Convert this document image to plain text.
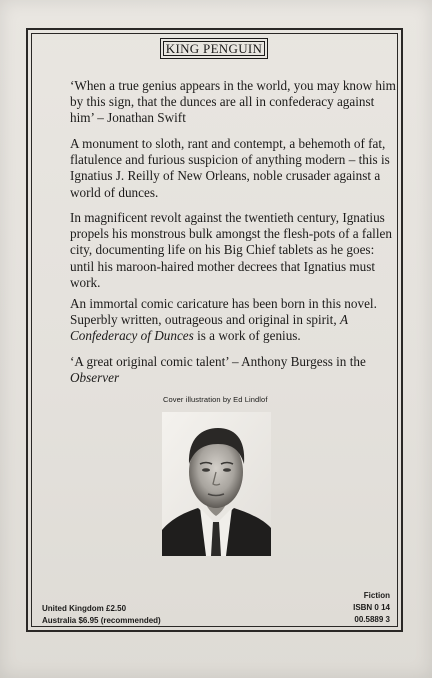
KING PENGUIN

‘When a true genius appears in the world, you may know him by this sign, that the dunces are all in confederacy against him’ – Jonathan Swift

A monument to sloth, rant and contempt, a behemoth of fat, flatulence and furious suspicion of anything modern – this is Ignatius J. Reilly of New Orleans, noble crusader against a world of dunces.

In magnificent revolt against the twentieth century, Ignatius propels his monstrous bulk amongst the flesh-pots of a fallen city, documenting life on his Big Chief tablets as he goes: until his maroon-haired mother decrees that Ignatius must work.

An immortal comic caricature has been born in this novel. Superbly written, outrageous and original in spirit, A Confederacy of Dunces is a work of genius.

‘A great original comic talent’ – Anthony Burgess in the Observer

Cover illustration by Ed Lindlof
United Kingdom £2.50
Australia $6.95 (recommended)
Fiction
ISBN 0 14
00.5889 3
